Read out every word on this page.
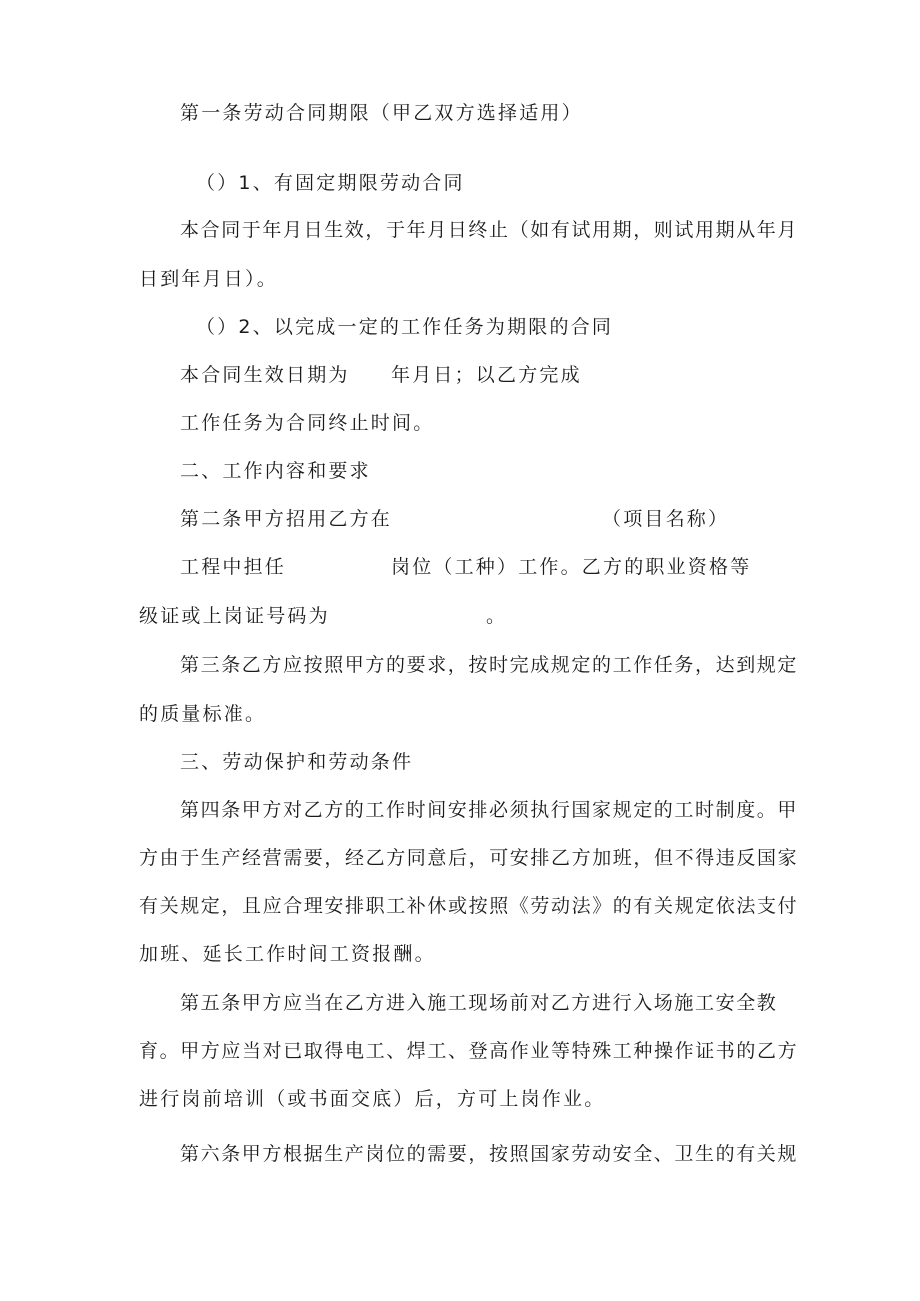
第一条劳动合同期限（甲乙双方选择适用）
（）1、有固定期限劳动合同
本合同于年月日生效，于年月日终止（如有试用期，则试用期从年月
日到年月日）。
（）2、以完成一定的工作任务为期限的合同
本合同生效日期为 年月日；以乙方完成
工作任务为合同终止时间。
二、工作内容和要求
第二条甲方招用乙方在	（项目名称）
工程中担任	岗位（工种）工作。乙方的职业资格等
级证或上岗证号码为	。
第三条乙方应按照甲方的要求，按时完成规定的工作任务，达到规定
的质量标准。
三、劳动保护和劳动条件
第四条甲方对乙方的工作时间安排必须执行国家规定的工时制度。甲
方由于生产经营需要，经乙方同意后，可安排乙方加班，但不得违反国家
有关规定，且应合理安排职工补休或按照《劳动法》的有关规定依法支付
加班、延长工作时间工资报酬。
第五条甲方应当在乙方进入施工现场前对乙方进行入场施工安全教
育。甲方应当对已取得电工、焊工、登高作业等特殊工种操作证书的乙方
进行岗前培训（或书面交底）后，方可上岗作业。
第六条甲方根据生产岗位的需要，按照国家劳动安全、卫生的有关规
